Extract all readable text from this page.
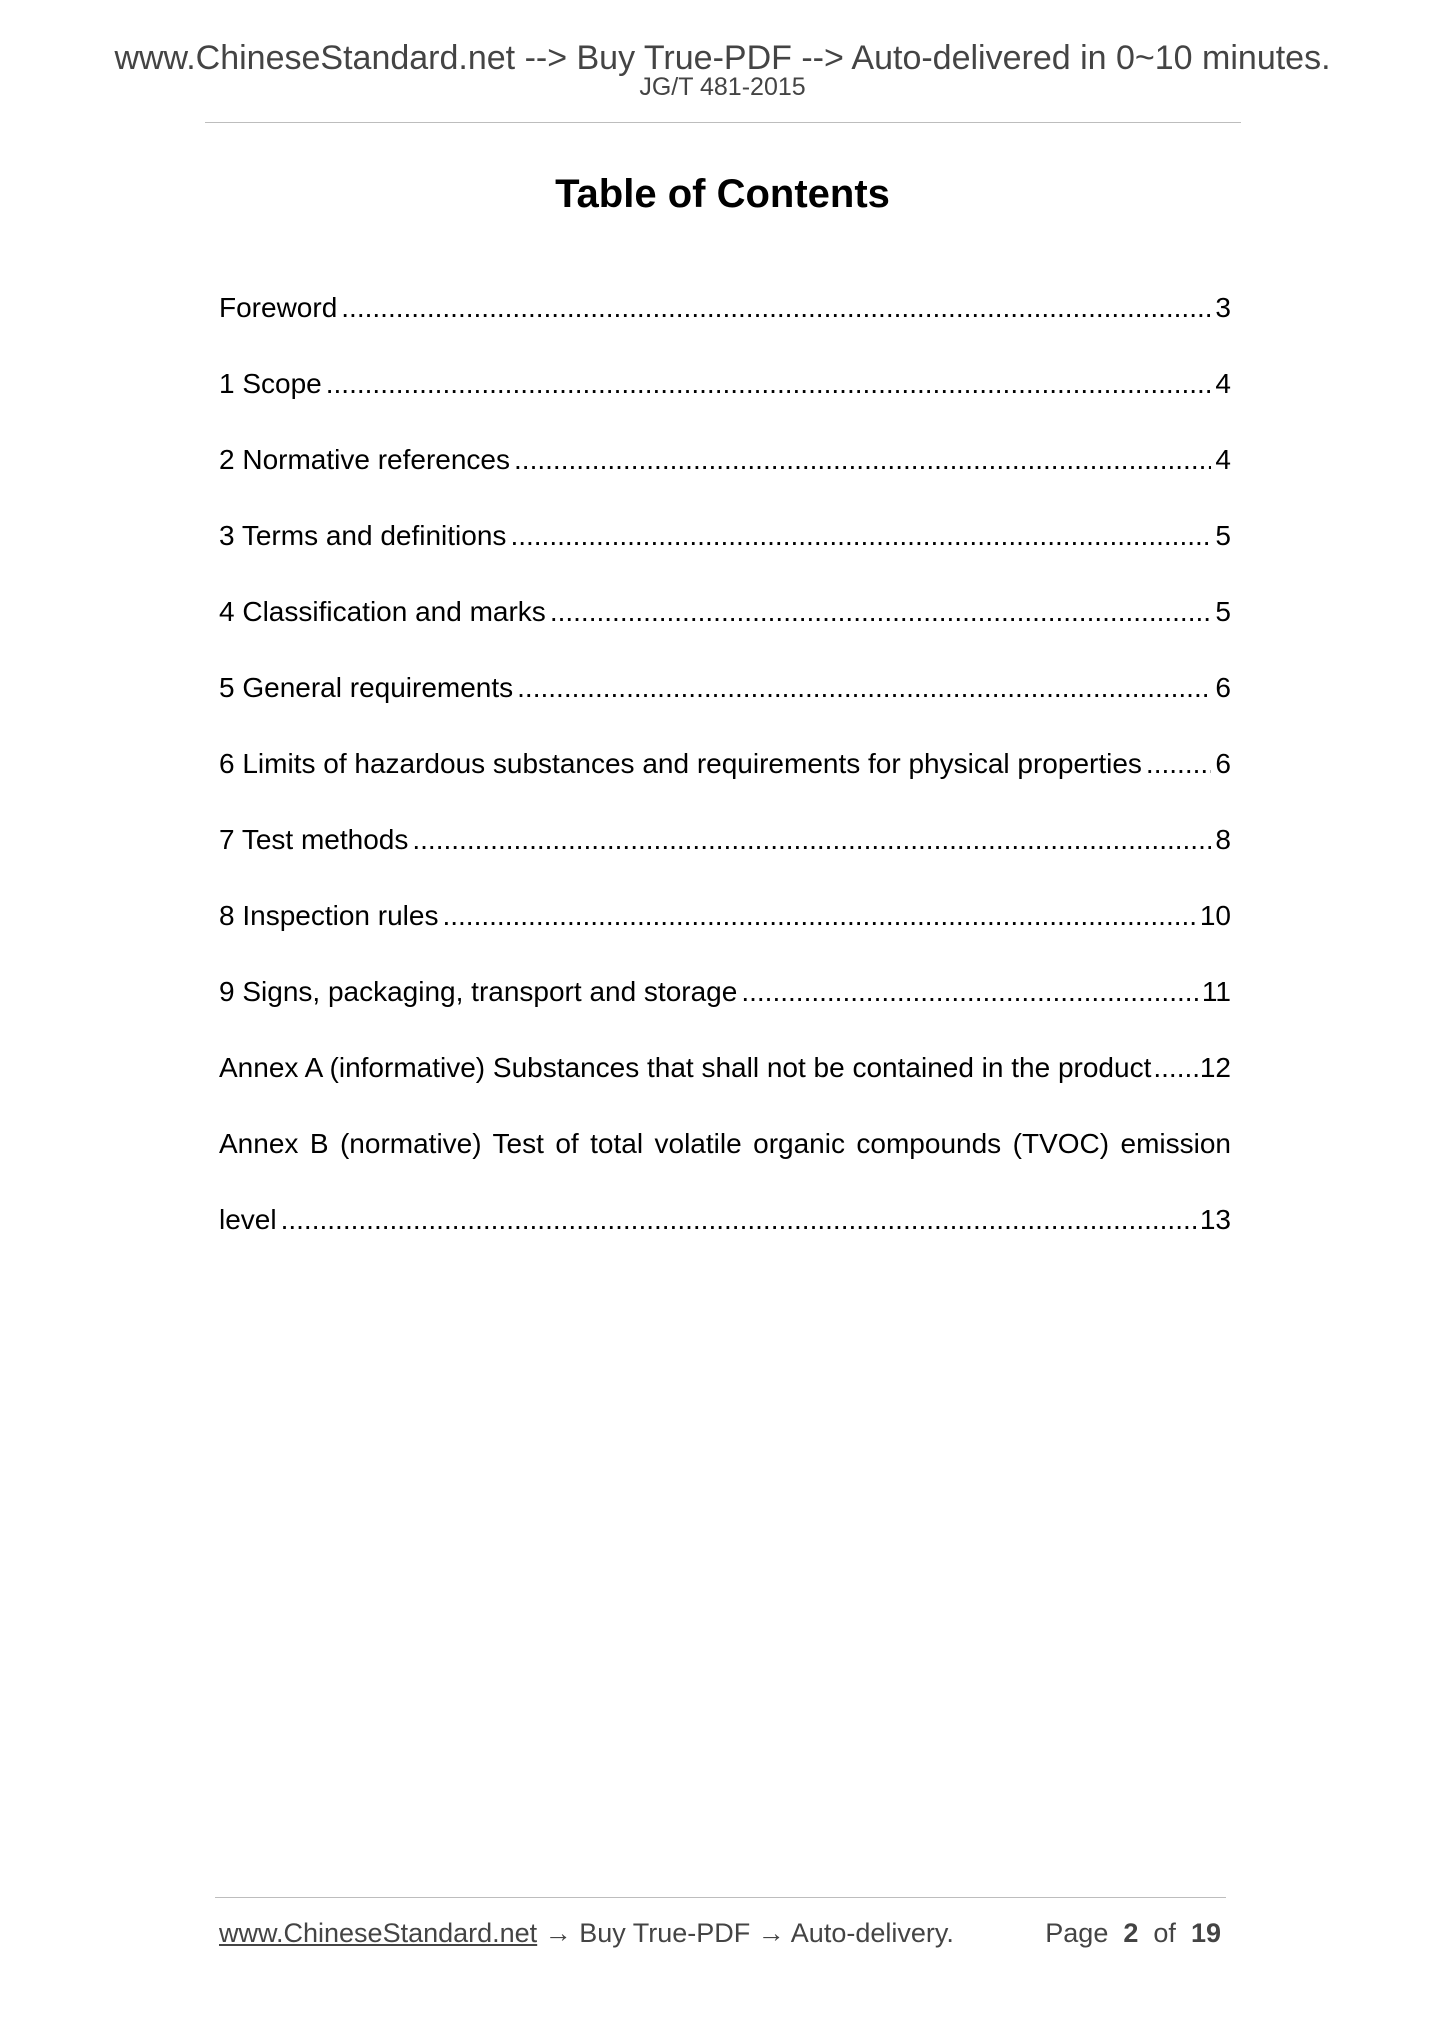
www.ChineseStandard.net --> Buy True-PDF --> Auto-delivered in 0~10 minutes.
JG/T 481-2015
Table of Contents
Foreword .....	3
1 Scope .....	4
2 Normative references .....	4
3 Terms and definitions .....	5
4 Classification and marks .....	5
5 General requirements .....	6
6 Limits of hazardous substances and requirements for physical properties .....	6
7 Test methods .....	8
8 Inspection rules .....	10
9 Signs, packaging, transport and storage .....	11
Annex A (informative) Substances that shall not be contained in the product ..... 12
Annex B (normative) Test of total volatile organic compounds (TVOC) emission
level .....	13
www.ChineseStandard.net → Buy True-PDF → Auto-delivery.	Page 2 of 19
